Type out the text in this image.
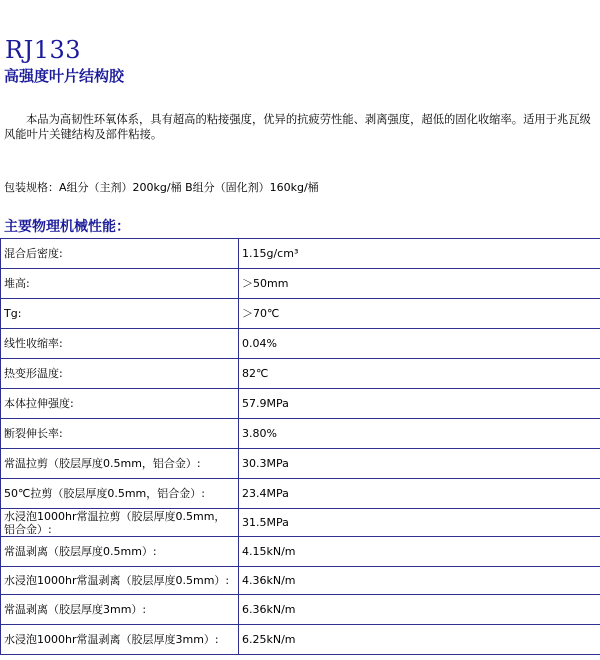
RJ133
高强度叶片结构胶

本品为高韧性环氧体系，具有超高的粘接强度，优异的抗疲劳性能、剥离强度，超低的固化收缩率。适用于兆瓦级风能叶片关键结构及部件粘接。

包装规格：A组分（主剂）200kg/桶 B组分（固化剂）160kg/桶
主要物理机械性能：
混合后密度:	1.15g/cm³
堆高:	＞50mm
Tg:	＞70℃
线性收缩率:	0.04%
热变形温度:	82℃
本体拉伸强度:	57.9MPa
断裂伸长率:	3.80%
常温拉剪（胶层厚度0.5mm，铝合金）:	30.3MPa
50℃拉剪（胶层厚度0.5mm，铝合金）:	23.4MPa
水浸泡1000hr常温拉剪（胶层厚度0.5mm，铝合金）:	31.5MPa
常温剥离（胶层厚度0.5mm）:	4.15kN/m
水浸泡1000hr常温剥离（胶层厚度0.5mm）:	4.36kN/m
常温剥离（胶层厚度3mm）:	6.36kN/m
水浸泡1000hr常温剥离（胶层厚度3mm）:	6.25kN/m
